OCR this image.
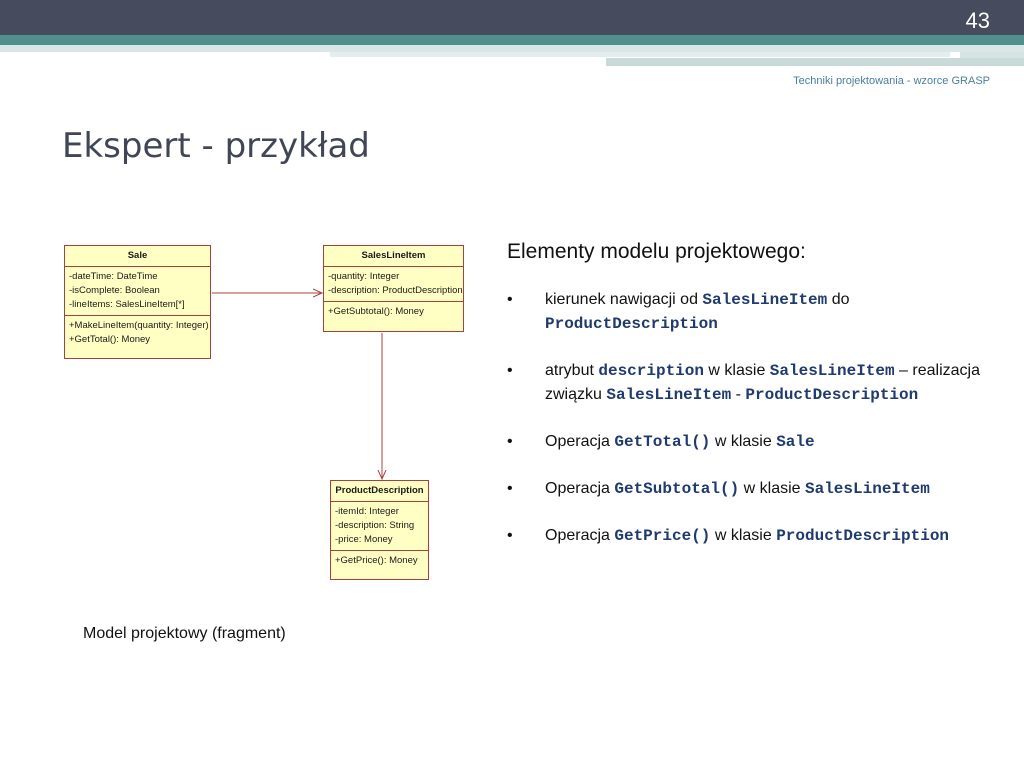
43
Techniki projektowania - wzorce GRASP
Ekspert - przykład
Sale
-dateTime: DateTime
-isComplete: Boolean
-lineItems: SalesLineItem[*]
+MakeLineItem(quantity: Integer)
+GetTotal(): Money
SalesLineItem
-quantity: Integer
-description: ProductDescription
+GetSubtotal(): Money
ProductDescription
-itemId: Integer
-description: String
-price: Money
+GetPrice(): Money
Model projektowy (fragment)
Elementy modelu projektowego:
• kierunek nawigacji od SalesLineItem do ProductDescription
• atrybut description w klasie SalesLineItem – realizacja związku SalesLineItem - ProductDescription
• Operacja GetTotal() w klasie Sale
• Operacja GetSubtotal() w klasie SalesLineItem
• Operacja GetPrice() w klasie ProductDescription
